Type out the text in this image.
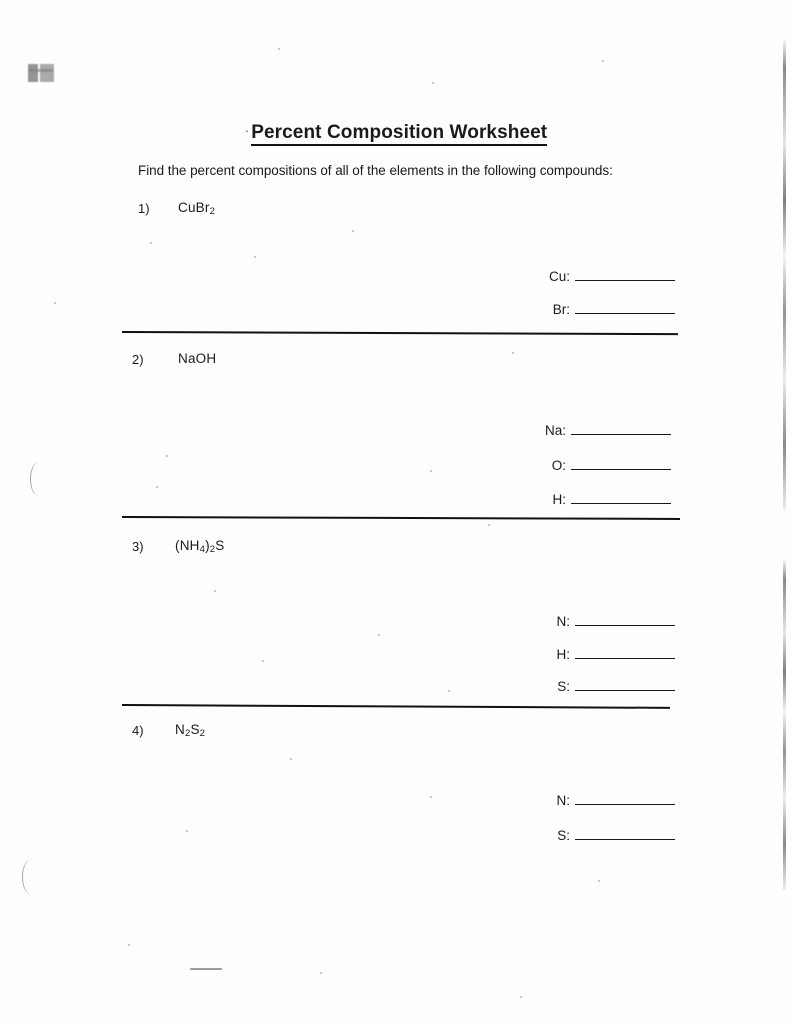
· Percent Composition Worksheet
Find the percent compositions of all of the elements in the following compounds:
1) CuBr$_2$
Cu:
Br:
2)	NaOH
Na:
O:
H:
3) $(NH_4)_2S$
N:
H:
S:
4) $N_2S_2$
N:
S:
